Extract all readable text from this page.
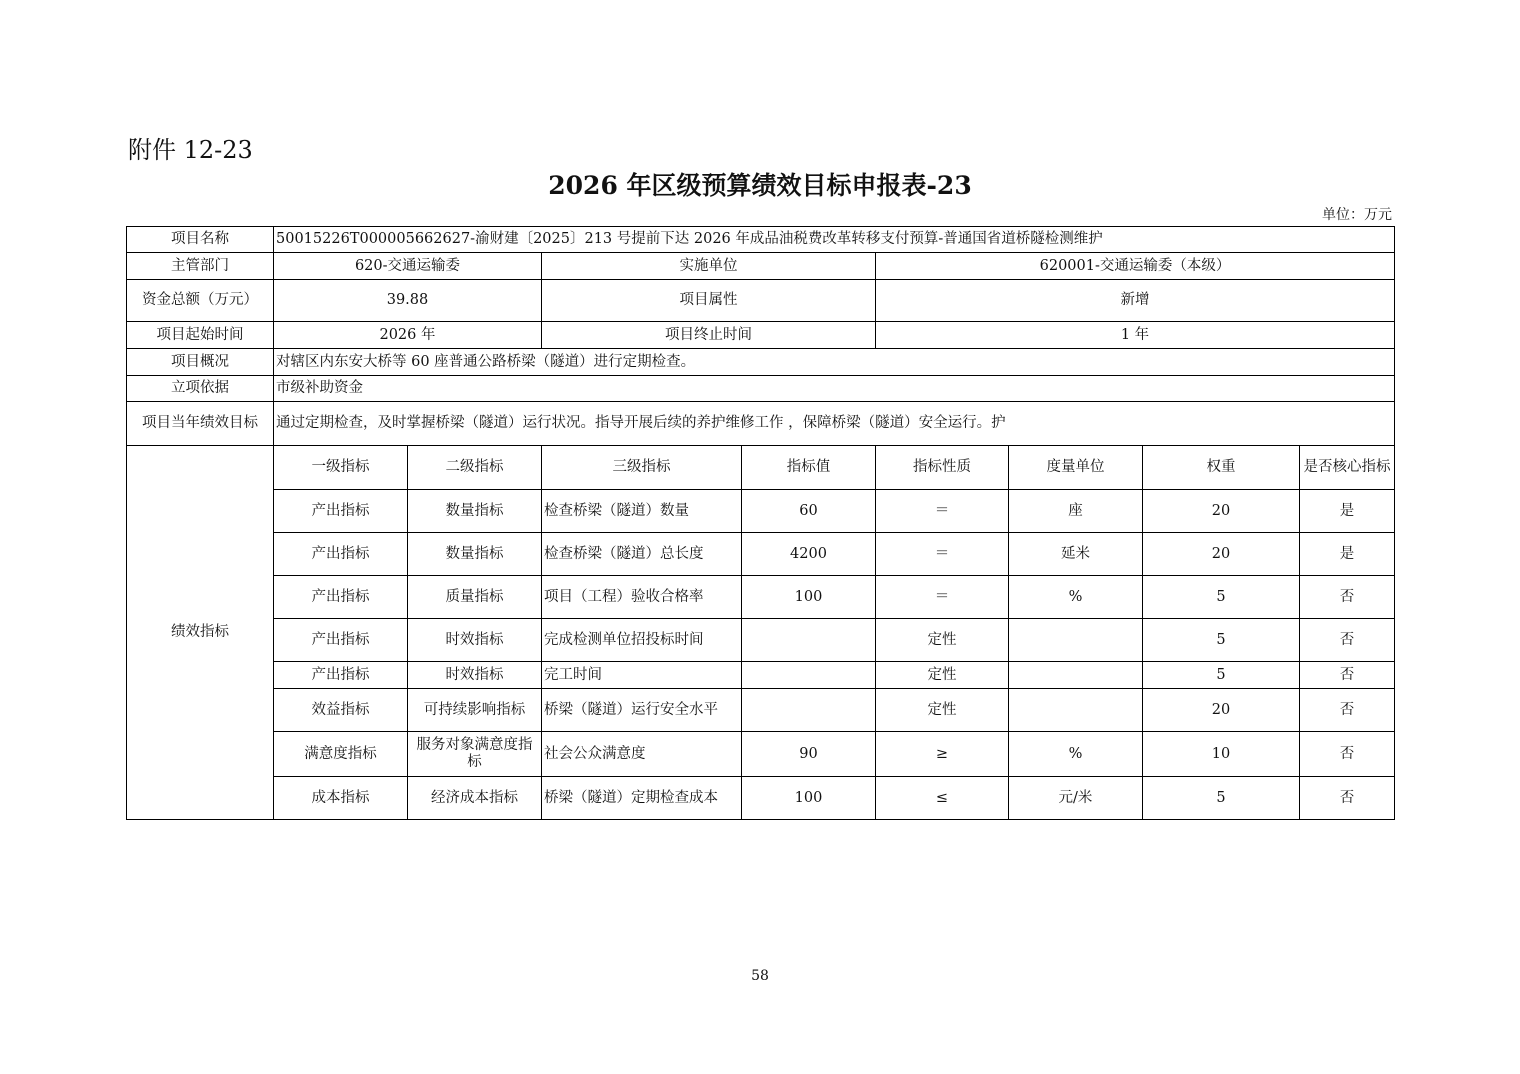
附件 12-23
2026 年区级预算绩效目标申报表-23
单位：万元
项目名称	50015226T000005662627-渝财建〔2025〕213 号提前下达 2026 年成品油税费改革转移支付预算-普通国省道桥隧检测维护							
主管部门	620-交通运输委		实施单位		620001-交通运输委（本级）			
资金总额（万元）	39.88		项目属性		新增			
项目起始时间	2026 年		项目终止时间		1 年			
项目概况	对辖区内东安大桥等 60 座普通公路桥梁（隧道）进行定期检查。							
立项依据	市级补助资金							
项目当年绩效目标	通过定期检查，及时掌握桥梁（隧道）运行状况。指导开展后续的养护维修工作 ，保障桥梁（隧道）安全运行。护							
绩效指标	一级指标	二级指标	三级指标	指标值	指标性质	度量单位	权重	是否核心指标
	产出指标	数量指标	检查桥梁（隧道）数量	60	＝	座	20	是
	产出指标	数量指标	检查桥梁（隧道）总长度	4200	＝	延米	20	是
	产出指标	质量指标	项目（工程）验收合格率	100	＝	%	5	否
	产出指标	时效指标	完成检测单位招投标时间		定性		5	否
	产出指标	时效指标	完工时间		定性		5	否
	效益指标	可持续影响指标	桥梁（隧道）运行安全水平		定性		20	否
	满意度指标	服务对象满意度指标	社会公众满意度	90	≥	%	10	否
	成本指标	经济成本指标	桥梁（隧道）定期检查成本	100	≤	元/米	5	否
58
